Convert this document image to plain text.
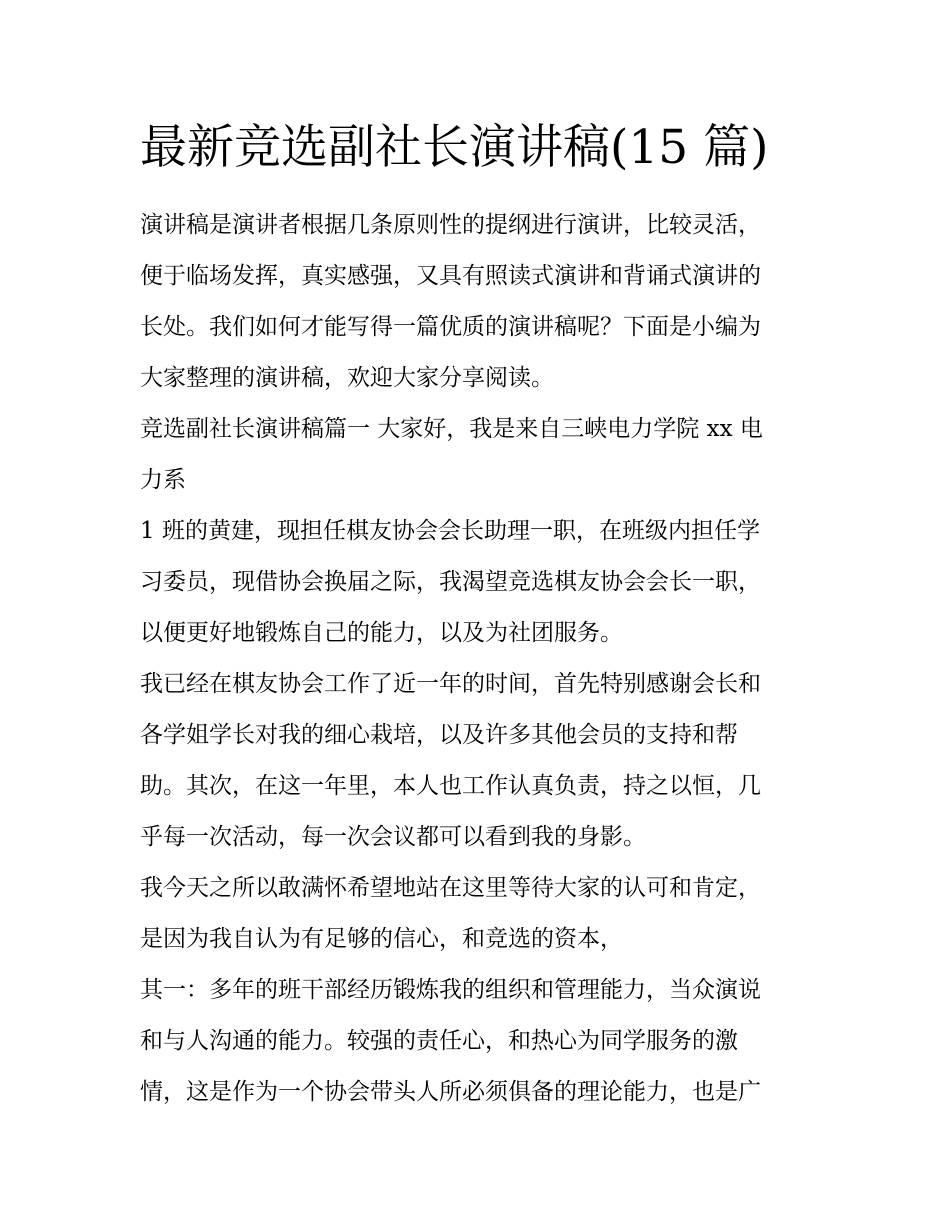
最新竞选副社长演讲稿(15 篇)

演讲稿是演讲者根据几条原则性的提纲进行演讲，比较灵活，

便于临场发挥，真实感强，又具有照读式演讲和背诵式演讲的

长处。我们如何才能写得一篇优质的演讲稿呢？下面是小编为

大家整理的演讲稿，欢迎大家分享阅读。

竞选副社长演讲稿篇一 大家好，我是来自三峡电力学院 xx 电

力系

1 班的黄建，现担任棋友协会会长助理一职，在班级内担任学

习委员，现借协会换届之际，我渴望竞选棋友协会会长一职，

以便更好地锻炼自己的能力，以及为社团服务。

我已经在棋友协会工作了近一年的时间，首先特别感谢会长和

各学姐学长对我的细心栽培，以及许多其他会员的支持和帮

助。其次，在这一年里，本人也工作认真负责，持之以恒，几

乎每一次活动，每一次会议都可以看到我的身影。

我今天之所以敢满怀希望地站在这里等待大家的认可和肯定，

是因为我自认为有足够的信心，和竞选的资本，

其一：多年的班干部经历锻炼我的组织和管理能力，当众演说

和与人沟通的能力。较强的责任心，和热心为同学服务的激

情，这是作为一个协会带头人所必须俱备的理论能力，也是广
